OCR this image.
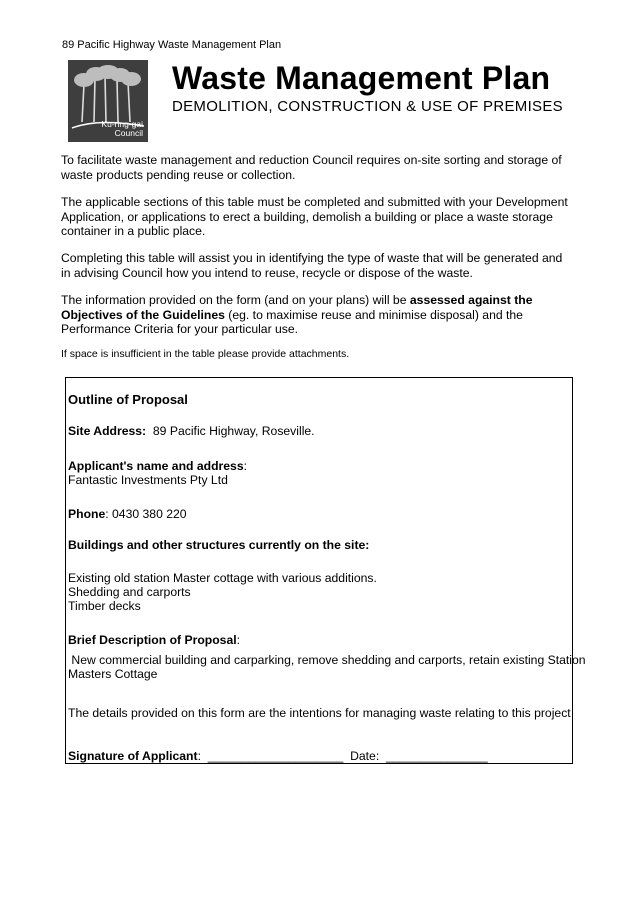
89 Pacific Highway Waste Management Plan
Ku-ring-gai
Council
Waste Management Plan
DEMOLITION, CONSTRUCTION & USE OF PREMISES
To facilitate waste management and reduction Council requires on-site sorting and storage of waste products pending reuse or collection.
The applicable sections of this table must be completed and submitted with your Development Application, or applications to erect a building, demolish a building or place a waste storage container in a public place.
Completing this table will assist you in identifying the type of waste that will be generated and in advising Council how you intend to reuse, recycle or dispose of the waste.
The information provided on the form (and on your plans) will be assessed against the Objectives of the Guidelines (eg. to maximise reuse and minimise disposal) and the Performance Criteria for your particular use.
If space is insufficient in the table please provide attachments.
Outline of Proposal
Site Address: 89 Pacific Highway, Roseville.
Applicant's name and address:
Fantastic Investments Pty Ltd
Phone: 0430 380 220
Buildings and other structures currently on the site:
Existing old station Master cottage with various additions.
Shedding and carports
Timber decks
Brief Description of Proposal:
New commercial building and carparking, remove shedding and carports, retain existing Station
Masters Cottage
The details provided on this form are the intentions for managing waste relating to this project
Signature of Applicant: ____________________ Date: _______________
